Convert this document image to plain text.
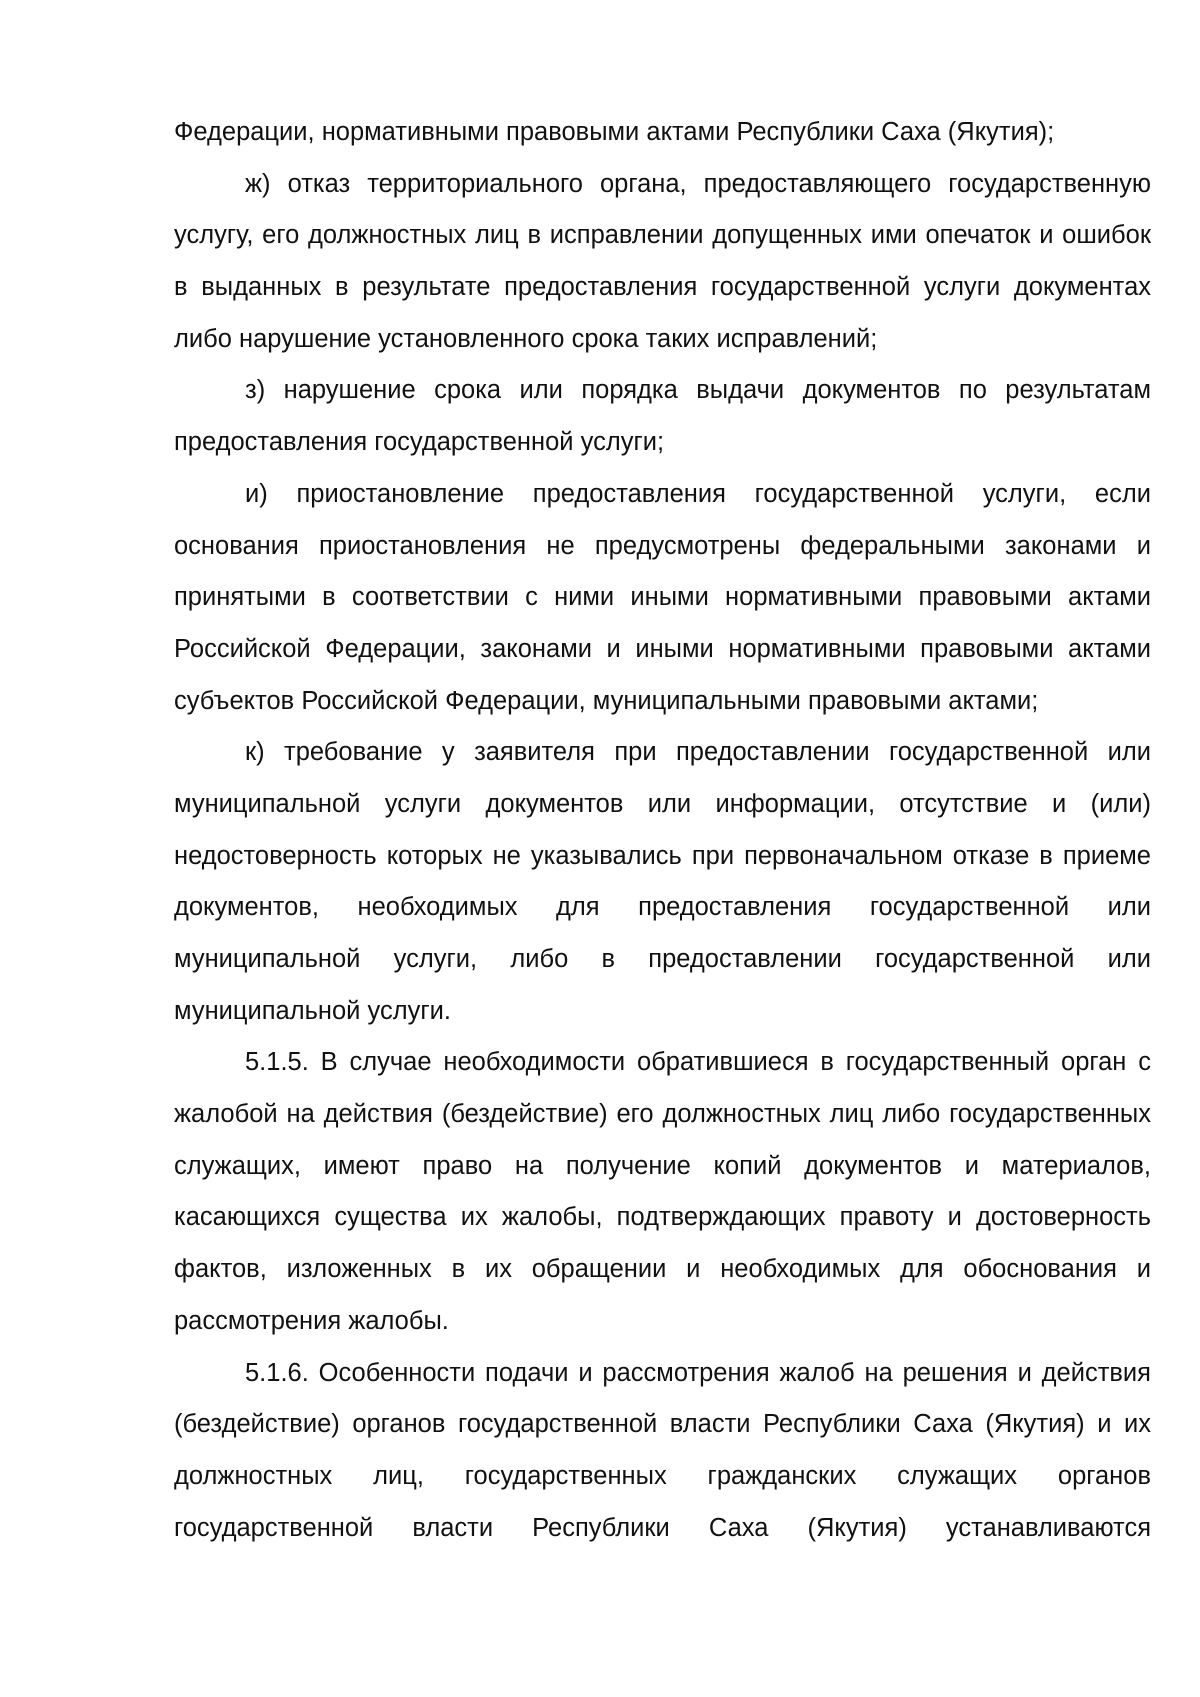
Федерации, нормативными правовыми актами Республики Саха (Якутия);
ж) отказ территориального органа, предоставляющего государственную
услугу, его должностных лиц в исправлении допущенных ими опечаток и ошибок
в выданных в результате предоставления государственной услуги документах
либо нарушение установленного срока таких исправлений;
з) нарушение срока или порядка выдачи документов по результатам
предоставления государственной услуги;
и) приостановление предоставления государственной услуги, если
основания приостановления не предусмотрены федеральными законами и
принятыми в соответствии с ними иными нормативными правовыми актами
Российской Федерации, законами и иными нормативными правовыми актами
субъектов Российской Федерации, муниципальными правовыми актами;
к) требование у заявителя при предоставлении государственной или
муниципальной услуги документов или информации, отсутствие и (или)
недостоверность которых не указывались при первоначальном отказе в приеме
документов, необходимых для предоставления государственной или
муниципальной услуги, либо в предоставлении государственной или
муниципальной услуги.
5.1.5. В случае необходимости обратившиеся в государственный орган с
жалобой на действия (бездействие) его должностных лиц либо государственных
служащих, имеют право на получение копий документов и материалов,
касающихся существа их жалобы, подтверждающих правоту и достоверность
фактов, изложенных в их обращении и необходимых для обоснования и
рассмотрения жалобы.
5.1.6. Особенности подачи и рассмотрения жалоб на решения и действия
(бездействие) органов государственной власти Республики Саха (Якутия) и их
должностных лиц, государственных гражданских служащих органов
государственной власти Республики Саха (Якутия) устанавливаются
